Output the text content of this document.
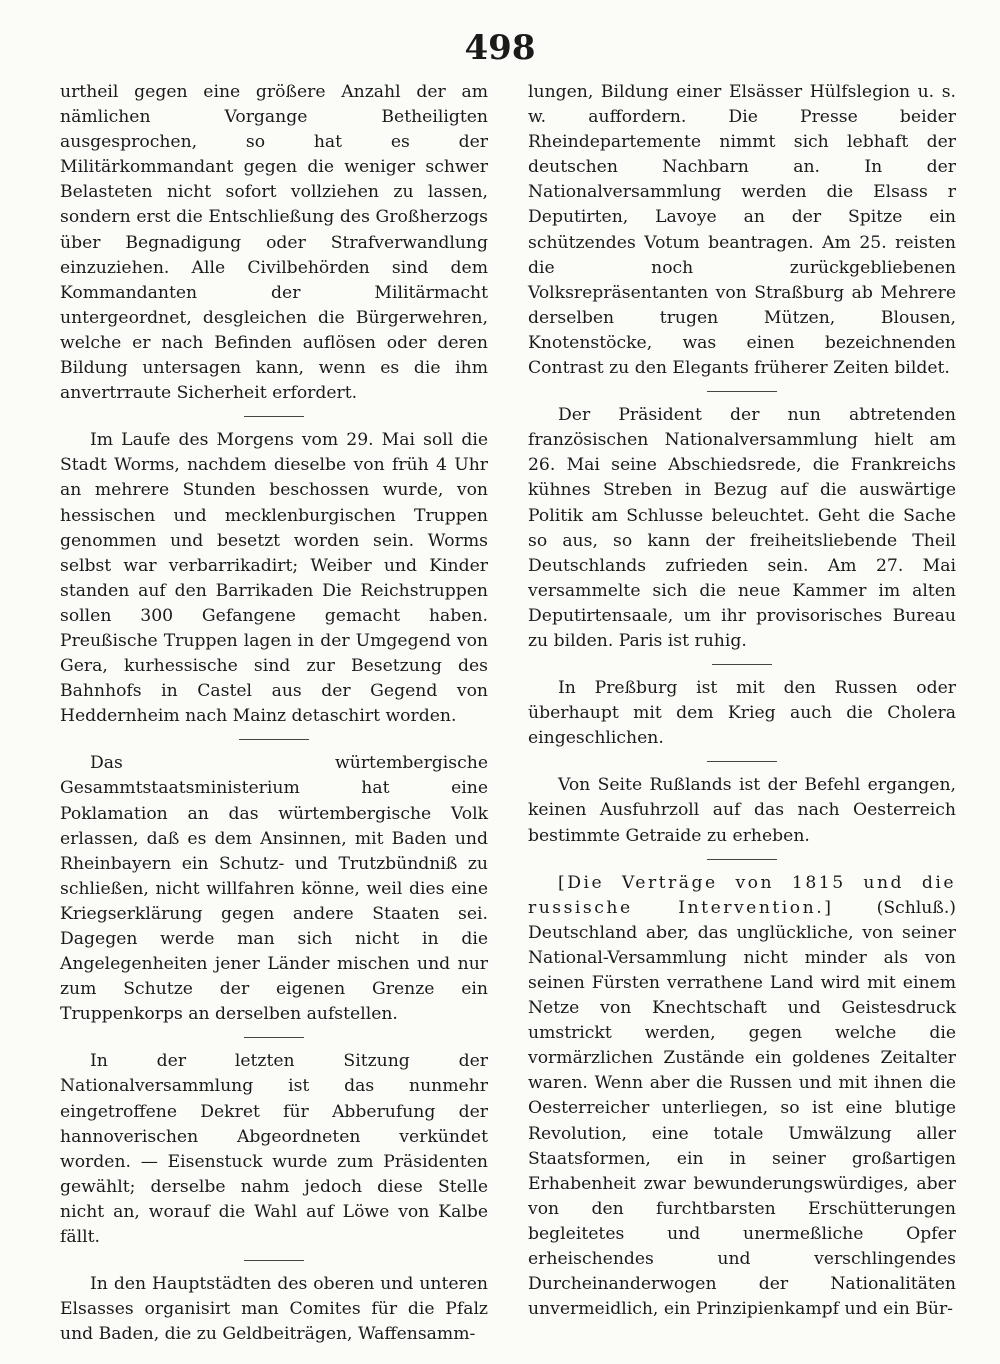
498

urtheil gegen eine größere Anzahl der am nämlichen Vorgange Betheiligten ausgesprochen, so hat es der Militärkommandant gegen die weniger schwer Belasteten nicht sofort vollziehen zu lassen, sondern erst die Entschließung des Großherzogs über Begnadigung oder Strafverwandlung einzuziehen. Alle Civilbehörden sind dem Kommandanten der Militärmacht untergeordnet, desgleichen die Bürgerwehren, welche er nach Befinden auflösen oder deren Bildung untersagen kann, wenn es die ihm anvertrraute Sicherheit erfordert.

Im Laufe des Morgens vom 29. Mai soll die Stadt Worms, nachdem dieselbe von früh 4 Uhr an mehrere Stunden beschossen wurde, von hessischen und mecklenburgischen Truppen genommen und besetzt worden sein. Worms selbst war verbarrikadirt; Weiber und Kinder standen auf den Barrikaden Die Reichstruppen sollen 300 Gefangene gemacht haben. Preußische Truppen lagen in der Umgegend von Gera, kurhessische sind zur Besetzung des Bahnhofs in Castel aus der Gegend von Heddernheim nach Mainz detaschirt worden.

Das würtembergische Gesammtstaatsministerium hat eine Poklamation an das würtembergische Volk erlassen, daß es dem Ansinnen, mit Baden und Rheinbayern ein Schutz- und Trutzbündniß zu schließen, nicht willfahren könne, weil dies eine Kriegserklärung gegen andere Staaten sei. Dagegen werde man sich nicht in die Angelegenheiten jener Länder mischen und nur zum Schutze der eigenen Grenze ein Truppenkorps an derselben aufstellen.

In der letzten Sitzung der Nationalversammlung ist das nunmehr eingetroffene Dekret für Abberufung der hannoverischen Abgeordneten verkündet worden. — Eisenstuck wurde zum Präsidenten gewählt; derselbe nahm jedoch diese Stelle nicht an, worauf die Wahl auf Löwe von Kalbe fällt.

In den Hauptstädten des oberen und unteren Elsasses organisirt man Comites für die Pfalz und Baden, die zu Geldbeiträgen, Waffensamm-

lungen, Bildung einer Elsässer Hülfslegion u. s. w. auffordern. Die Presse beider Rheindepartemente nimmt sich lebhaft der deutschen Nachbarn an. In der Nationalversammlung werden die Elsass r Deputirten, Lavoye an der Spitze ein schützendes Votum beantragen. Am 25. reisten die noch zurückgebliebenen Volksrepräsentanten von Straßburg ab Mehrere derselben trugen Mützen, Blousen, Knotenstöcke, was einen bezeichnenden Contrast zu den Elegants früherer Zeiten bildet.

Der Präsident der nun abtretenden französischen Nationalversammlung hielt am 26. Mai seine Abschiedsrede, die Frankreichs kühnes Streben in Bezug auf die auswärtige Politik am Schlusse beleuchtet. Geht die Sache so aus, so kann der freiheitsliebende Theil Deutschlands zufrieden sein. Am 27. Mai versammelte sich die neue Kammer im alten Deputirtensaale, um ihr provisorisches Bureau zu bilden. Paris ist ruhig.

In Preßburg ist mit den Russen oder überhaupt mit dem Krieg auch die Cholera eingeschlichen.

Von Seite Rußlands ist der Befehl ergangen, keinen Ausfuhrzoll auf das nach Oesterreich bestimmte Getraide zu erheben.

[Die Verträge von 1815 und die russische Intervention.]	(Schluß.) Deutschland aber, das unglückliche, von seiner National-Versammlung nicht minder als von seinen Fürsten verrathene Land wird mit einem Netze von Knechtschaft und Geistesdruck umstrickt werden, gegen welche die vormärzlichen Zustände ein goldenes Zeitalter waren. Wenn aber die Russen und mit ihnen die Oesterreicher unterliegen, so ist eine blutige Revolution, eine totale Umwälzung aller Staatsformen, ein in seiner großartigen Erhabenheit zwar bewunderungswürdiges, aber von den furchtbarsten Erschütterungen begleitetes und unermeßliche Opfer erheischendes und verschlingendes Durcheinanderwogen der Nationalitäten unvermeidlich, ein Prinzipienkampf und ein Bür-
